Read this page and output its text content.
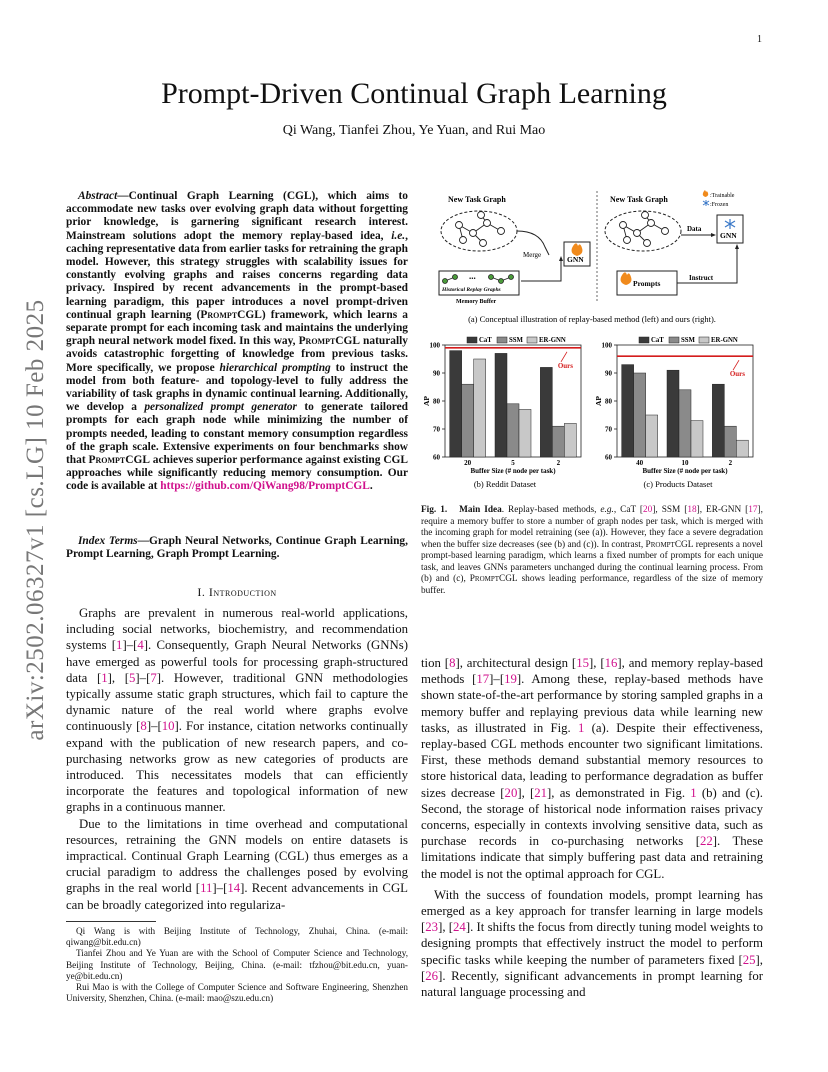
1
arXiv:2502.06327v1 [cs.LG] 10 Feb 2025
Prompt-Driven Continual Graph Learning
Qi Wang, Tianfei Zhou, Ye Yuan, and Rui Mao
Abstract—Continual Graph Learning (CGL), which aims to accommodate new tasks over evolving graph data without forgetting prior knowledge, is garnering significant research interest. Mainstream solutions adopt the memory replay-based idea, i.e., caching representative data from earlier tasks for retraining the graph model. However, this strategy struggles with scalability issues for constantly evolving graphs and raises concerns regarding data privacy. Inspired by recent advancements in the prompt-based learning paradigm, this paper introduces a novel prompt-driven continual graph learning (PromptCGL) framework, which learns a separate prompt for each incoming task and maintains the underlying graph neural network model fixed. In this way, PromptCGL naturally avoids catastrophic forgetting of knowledge from previous tasks. More specifically, we propose hierarchical prompting to instruct the model from both feature- and topology-level to fully address the variability of task graphs in dynamic continual learning. Additionally, we develop a personalized prompt generator to generate tailored prompts for each graph node while minimizing the number of prompts needed, leading to constant memory consumption regardless of the graph scale. Extensive experiments on four benchmarks show that PromptCGL achieves superior performance against existing CGL approaches while significantly reducing memory consumption. Our code is available at https://github.com/QiWang98/PromptCGL.
Index Terms—Graph Neural Networks, Continue Graph Learning, Prompt Learning, Graph Prompt Learning.
I. Introduction

Graphs are prevalent in numerous real-world applications, including social networks, biochemistry, and recommendation systems [1]–[4]. Consequently, Graph Neural Networks (GNNs) have emerged as powerful tools for processing graph-structured data [1], [5]–[7]. However, traditional GNN methodologies typically assume static graph structures, which fail to capture the dynamic nature of the real world where graphs evolve continuously [8]–[10]. For instance, citation networks continually expand with the publication of new research papers, and co-purchasing networks grow as new categories of products are introduced. This necessitates models that can efficiently incorporate the features and topological information of new graphs in a continuous manner.

Due to the limitations in time overhead and computational resources, retraining the GNN models on entire datasets is impractical. Continual Graph Learning (CGL) thus emerges as a crucial paradigm to address the challenges posed by evolving graphs in the real world [11]–[14]. Recent advancements in CGL can be broadly categorized into regulariza-

Qi Wang is with Beijing Institute of Technology, Zhuhai, China. (e-mail: qiwang@bit.edu.cn)

Tianfei Zhou and Ye Yuan are with the School of Computer Science and Technology, Beijing Institute of Technology, Beijing, China. (e-mail: tfzhou@bit.edu.cn, yuan-ye@bit.edu.cn)

Rui Mao is with the College of Computer Science and Software Engineering, Shenzhen University, Shenzhen, China. (e-mail: mao@szu.edu.cn)

New Task Graph
Merge	GNN
...
Historical Replay Graphs
Memory Buffer
New Task Graph
Data
GNN
Prompts
Instruct
:Trainable
:Frozen
(a) Conceptual illustration of replay-based method (left) and ours (right).
60
70
80
90
100
AP
20	5	2
Buffer Size (# node per task)
Ours
CaT	SSM ER-GNN
60
70
80
90
100
AP
40	10	2
Buffer Size (# node per task)
Ours
CaT	SSM ER-GNN
(b) Reddit Dataset	(c) Products Dataset
Fig. 1. Main Idea. Replay-based methods, e.g., CaT [20], SSM [18], ER-GNN [17], require a memory buffer to store a number of graph nodes per task, which is merged with the incoming graph for model retraining (see (a)). However, they face a severe degradation when the buffer size decreases (see (b) and (c)). In contrast, PromptCGL represents a novel prompt-based learning paradigm, which learns a fixed number of prompts for each unique task, and leaves GNNs parameters unchanged during the continual learning process. From (b) and (c), PromptCGL shows leading performance, regardless of the size of memory buffer.

tion [8], architectural design [15], [16], and memory replay-based methods [17]–[19]. Among these, replay-based methods have shown state-of-the-art performance by storing sampled graphs in a memory buffer and replaying previous data while learning new tasks, as illustrated in Fig. 1 (a). Despite their effectiveness, replay-based CGL methods encounter two significant limitations. First, these methods demand substantial memory resources to store historical data, leading to performance degradation as buffer sizes decrease [20], [21], as demonstrated in Fig. 1 (b) and (c). Second, the storage of historical node information raises privacy concerns, especially in contexts involving sensitive data, such as purchase records in co-purchasing networks [22]. These limitations indicate that simply buffering past data and retraining the model is not the optimal approach for CGL.

With the success of foundation models, prompt learning has emerged as a key approach for transfer learning in large models [23], [24]. It shifts the focus from directly tuning model weights to designing prompts that effectively instruct the model to perform specific tasks while keeping the number of parameters fixed [25], [26]. Recently, significant advancements in prompt learning for natural language processing and
